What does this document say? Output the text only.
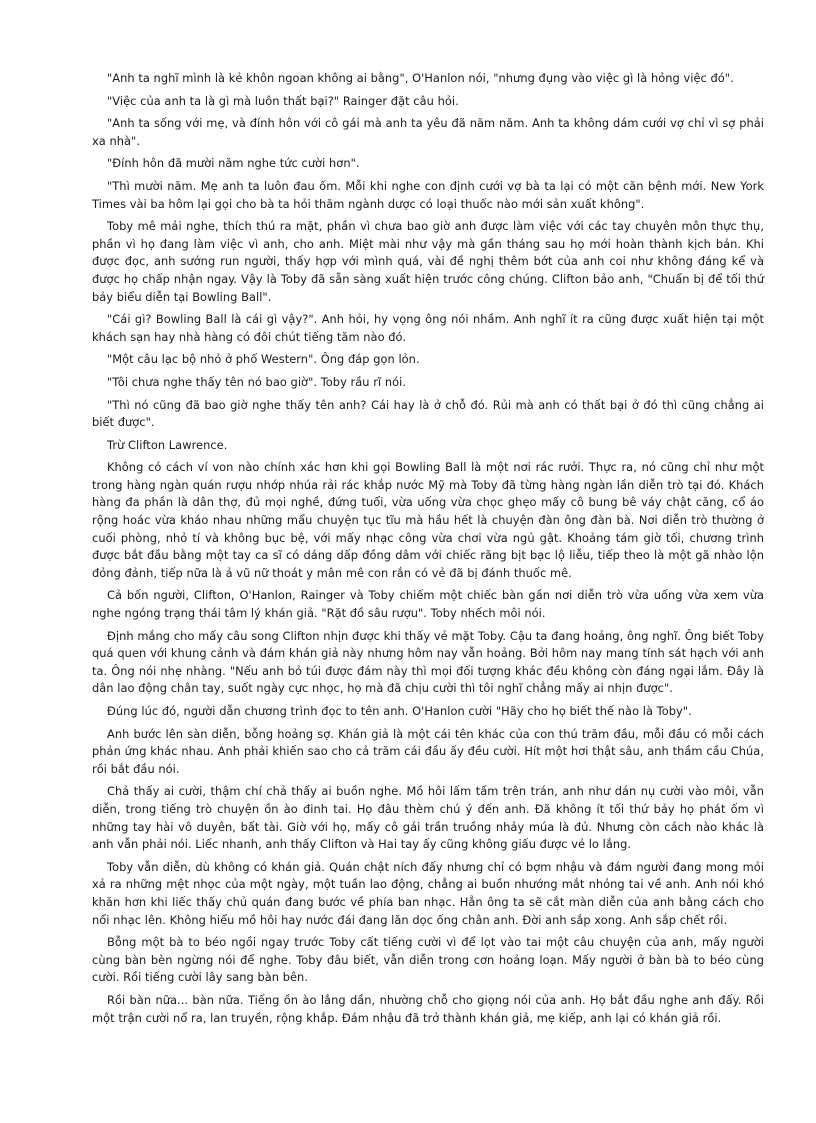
"Anh ta nghĩ mình là kẻ khôn ngoan không ai bằng", O'Hanlon nói, "nhưng đụng vào việc gì là hỏng việc đó".

"Việc của anh ta là gì mà luôn thất bại?" Rainger đặt câu hỏi.

"Anh ta sống với mẹ, và đính hôn với cô gái mà anh ta yêu đã năm năm. Anh ta không dám cưới vợ chỉ vì sợ phải xa nhà".

"Đính hôn đã mười năm nghe tức cười hơn".

"Thì mười năm. Mẹ anh ta luôn đau ốm. Mỗi khi nghe con định cưới vợ bà ta lại có một căn bệnh mới. New York Times vài ba hôm lại gọi cho bà ta hỏi thăm ngành dược có loại thuốc nào mới sản xuất không".

Toby mê mải nghe, thích thú ra mặt, phần vì chưa bao giờ anh được làm việc với các tay chuyên môn thực thụ, phần vì họ đang làm việc vì anh, cho anh. Miệt mài như vậy mà gần tháng sau họ mới hoàn thành kịch bản. Khi được đọc, anh sướng run người, thấy hợp với mình quá, vài đề nghị thêm bớt của anh coi như không đáng kể và được họ chấp nhận ngay. Vậy là Toby đã sẵn sàng xuất hiện trước công chúng. Clifton bảo anh, "Chuẩn bị để tối thứ bảy biểu diễn tại Bowling Ball".

"Cái gì? Bowling Ball là cái gì vậy?". Anh hỏi, hy vọng ông nói nhầm. Anh nghĩ ít ra cũng được xuất hiện tại một khách sạn hay nhà hàng có đôi chút tiếng tăm nào đó.

"Một câu lạc bộ nhỏ ở phố Western". Ông đáp gọn lỏn.

"Tôi chưa nghe thấy tên nó bao giờ". Toby rầu rĩ nói.

"Thì nó cũng đã bao giờ nghe thấy tên anh? Cái hay là ở chỗ đó. Rủi mà anh có thất bại ở đó thì cũng chẳng ai biết được".

Trừ Clifton Lawrence.

Không có cách ví von nào chính xác hơn khi gọi Bowling Ball là một nơi rác rưởi. Thực ra, nó cũng chỉ như một trong hàng ngàn quán rượu nhớp nhúa rải rác khắp nước Mỹ mà Toby đã từng hàng ngàn lần diễn trò tại đó. Khách hàng đa phần là dân thợ, đủ mọi nghề, đứng tuổi, vừa uống vừa chọc ghẹo mấy cô bung bê váy chật căng, cổ áo rộng hoác vừa kháo nhau những mẩu chuyện tục tĩu mà hầu hết là chuyện đàn ông đàn bà. Nơi diễn trò thường ở cuối phòng, nhỏ tí và không bục bệ, với mấy nhạc công vừa chơi vừa ngủ gật. Khoảng tám giờ tối, chương trình được bắt đầu bằng một tay ca sĩ có dáng dấp đồng dâm với chiếc răng bịt bạc lộ liễu, tiếp theo là một gã nhào lộn đỏng đảnh, tiếp nữa là ả vũ nữ thoát y mân mê con rắn có vẻ đã bị đánh thuốc mê.

Cả bốn người, Clifton, O'Hanlon, Rainger và Toby chiếm một chiếc bàn gần nơi diễn trò vừa uống vừa xem vừa nghe ngóng trạng thái tâm lý khán giả. "Rặt đồ sâu rượu". Toby nhếch môi nói.

Định mắng cho mấy câu song Clifton nhịn được khi thấy vẻ mặt Toby. Cậu ta đang hoảng, ông nghĩ. Ông biết Toby quá quen với khung cảnh và đám khán giả này nhưng hôm nay vẫn hoảng. Bởi hôm nay mang tính sát hạch với anh ta. Ông nói nhẹ nhàng. "Nếu anh bỏ túi được đám này thì mọi đối tượng khác đều không còn đáng ngại lắm. Đây là dân lao động chân tay, suốt ngày cực nhọc, họ mà đã chịu cười thì tôi nghĩ chẳng mấy ai nhịn được".

Đúng lúc đó, người dẫn chương trình đọc to tên anh. O'Hanlon cười "Hãy cho họ biết thế nào là Toby".

Anh bước lên sàn diễn, bỗng hoảng sợ. Khán giả là một cái tên khác của con thú trăm đầu, mỗi đầu có mỗi cách phản ứng khác nhau. Anh phải khiến sao cho cả trăm cái đầu ấy đều cười. Hít một hơi thật sâu, anh thầm cầu Chúa, rồi bắt đầu nói.

Chả thấy ai cười, thậm chí chả thấy ai buồn nghe. Mồ hôi lấm tấm trên trán, anh như dán nụ cười vào môi, vẫn diễn, trong tiếng trò chuyện ồn ào đinh tai. Họ đâu thèm chú ý đến anh. Đã không ít tối thứ bảy họ phát ốm vì những tay hài vô duyên, bất tài. Giờ với họ, mấy cô gái trần truồng nhảy múa là đủ. Nhưng còn cách nào khác là anh vẫn phải nói. Liếc nhanh, anh thấy Clifton và Hai tay ấy cũng không giấu được vẻ lo lắng.

Toby vẫn diễn, dù không có khán giả. Quán chật ních đấy nhưng chỉ có bợm nhậu và đám người đang mong mỏi xả ra những mệt nhọc của một ngày, một tuần lao động, chẳng ai buồn nhướng mắt nhỏng tai về anh. Anh nói khó khăn hơn khi liếc thấy chủ quán đang bước về phía ban nhạc. Hẳn ông ta sẽ cắt màn diễn của anh bằng cách cho nổi nhạc lên. Không hiểu mồ hôi hay nước đái đang lăn dọc ống chân anh. Đời anh sắp xong. Anh sắp chết rồi.

Bỗng một bà to béo ngồi ngay trước Toby cất tiếng cười vì để lọt vào tai một câu chuyện của anh, mấy người cùng bàn bèn ngừng nói để nghe. Toby đâu biết, vẫn diễn trong cơn hoảng loạn. Mấy người ở bàn bà to béo cùng cười. Rồi tiếng cười lây sang bàn bên.

Rồi bàn nữa... bàn nữa. Tiếng ồn ào lắng dần, nhường chỗ cho giọng nói của anh. Họ bắt đầu nghe anh đấy. Rồi một trận cười nổ ra, lan truyền, rộng khắp. Đám nhậu đã trở thành khán giả, mẹ kiếp, anh lại có khán giả rồi.
